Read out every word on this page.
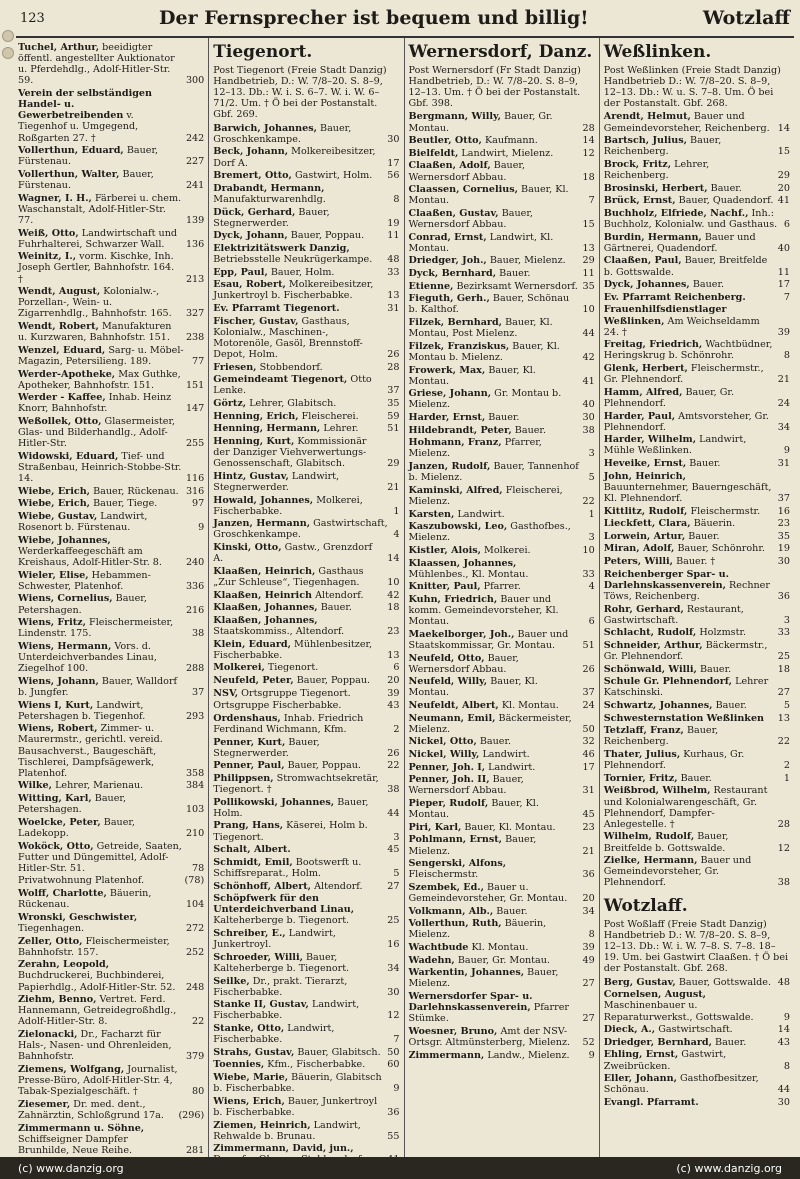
123	Der Fernsprecher ist bequem und billig!	Wotzlaff
Tuchel, Arthur, beeidigter öffentl. angestellter Auktionator u. Pferdehdlg., Adolf-Hitler-Str. 59.	300
Verein der selbständigen Handel- u. Gewerbetreibenden v. Tiegenhof u. Umgegend, Roßgarten 27. †	242
Vollerthun, Eduard, Bauer, Fürstenau.	227
Vollerthun, Walter, Bauer, Fürstenau.	241
Wagner, I. H., Färberei u. chem. Waschanstalt, Adolf-Hitler-Str. 77.	139
Weiß, Otto, Landwirtschaft und Fuhrhalterei, Schwarzer Wall.	136
Weinitz, I., vorm. Kischke, Inh. Joseph Gertler, Bahnhofstr. 164. †	213
Wendt, August, Kolonialw.-, Porzellan-, Wein- u. Zigarrenhdlg., Bahnhofstr. 165.	327
Wendt, Robert, Manufakturen u. Kurzwaren, Bahnhofstr. 151.	238
Wenzel, Eduard, Sarg- u. Möbel-Magazin, Petersilieng. 189.	77
Werder-Apotheke, Max Guthke, Apotheker, Bahnhofstr. 151.	151
Werder - Kaffee, Inhab. Heinz Knorr, Bahnhofstr.	147
Weßollek, Otto, Glasermeister, Glas- und Bilderhandlg., Adolf-Hitler-Str.	255
Widowski, Eduard, Tief- und Straßenbau, Heinrich-Stobbe-Str. 14.	116
Wiebe, Erich, Bauer, Rückenau. 316
Wiebe, Erich, Bauer, Tiege.	97
Wiebe, Gustav, Landwirt, Rosenort b. Fürstenau.	9
Wiebe, Johannes, Werderkaffeegeschäft am Kreishaus, Adolf-Hitler-Str. 8.	240
Wieler, Elise, Hebammen-Schwester, Platenhof.	336
Wiens, Cornelius, Bauer, Petershagen.	216
Wiens, Fritz, Fleischermeister, Lindenstr. 175.	38
Wiens, Hermann, Vors. d. Unterdeichverbandes Linau, Ziegelhof 100.	288
Wiens, Johann, Bauer, Walldorf b. Jungfer.	37
Wiens I, Kurt, Landwirt, Petershagen b. Tiegenhof.	293
Wiens, Robert, Zimmer- u. Maurermstr., gerichtl. vereid. Bausachverst., Baugeschäft, Tischlerei, Dampfsägewerk, Platenhof.	358
Wilke, Lehrer, Marienau.	384
Witting, Karl, Bauer, Petershagen.	103
Woelcke, Peter, Bauer, Ladekopp.	210
Woköck, Otto, Getreide, Saaten, Futter und Düngemittel, Adolf-Hitler-Str. 51.	78
Privatwohnung Platenhof.	(78)
Wolff, Charlotte, Bäuerin, Rückenau.	104
Wronski, Geschwister, Tiegenhagen.	272
Zeller, Otto, Fleischermeister, Bahnhofstr. 157.	252
Zerahn, Leopold, Buchdruckerei, Buchbinderei, Papierhdlg., Adolf-Hitler-Str. 52.	248
Ziehm, Benno, Vertret. Ferd. Hannemann, Getreidegroßhdlg., Adolf-Hitler-Str. 8.	22
Zielonacki, Dr., Facharzt für Hals-, Nasen- und Ohrenleiden, Bahnhofstr.	379
Ziemens, Wolfgang, Journalist, Presse-Büro, Adolf-Hitler-Str. 4, Tabak-Spezialgeschäft. †	80
Ziesemer, Dr. med. dent., Zahnärztin, Schloßgrund 17a.	(296)
Zimmermann u. Söhne, Schiffseigner Dampfer Brunhilde, Neue Reihe.	281
Tiegenort.
Post Tiegenort (Freie Stadt Danzig) Handbetrieb, D.: W. 7/8–20. S. 8–9, 12–13. Db.: W. i. S. 6–7. W. i. W. 6–71/2. Um. † Ö bei der Postanstalt. Gbf. 269.
Barwich, Johannes, Bauer, Groschkenkampe.	30
Beck, Johann, Molkereibesitzer, Dorf A.	17
Bremert, Otto, Gastwirt, Holm.	56
Drabandt, Hermann, Manufakturwarenhdlg.	8
Dück, Gerhard, Bauer, Stegnerwerder.	19
Dyck, Johann, Bauer, Poppau.	11
Elektrizitätswerk Danzig, Betriebsstelle Neukrügerkampe.	48
Epp, Paul, Bauer, Holm.	33
Esau, Robert, Molkereibesitzer, Junkertroyl b. Fischerbabke.	13
Ev. Pfarramt Tiegenort.	31
Fischer, Gustav, Gasthaus, Kolonialw., Maschinen-, Motorenöle, Gasöl, Brennstoff-Depot, Holm.	26
Friesen, Stobbendorf.	28
Gemeindeamt Tiegenort, Otto Lenke.	37
Görtz, Lehrer, Glabitsch.	35
Henning, Erich, Fleischerei.	59
Henning, Hermann, Lehrer.	51
Henning, Kurt, Kommissionär der Danziger Viehverwertungs-Genossenschaft, Glabitsch.	29
Hintz, Gustav, Landwirt, Stegnerwerder.	21
Howald, Johannes, Molkerei, Fischerbabke.	1
Janzen, Hermann, Gastwirtschaft, Groschkenkampe.	4
Kinski, Otto, Gastw., Grenzdorf A.	14
Klaaßen, Heinrich, Gasthaus „Zur Schleuse“, Tiegenhagen.	10
Klaaßen, Heinrich Altendorf.	42
Klaaßen, Johannes, Bauer.	18
Klaaßen, Johannes, Staatskommiss., Altendorf.	23
Klein, Eduard, Mühlenbesitzer, Fischerbabke.	13
Molkerei, Tiegenort.	6
Neufeld, Peter, Bauer, Poppau.	20
NSV, Ortsgruppe Tiegenort.	39
Ortsgruppe Fischerbabke.	43
Ordenshaus, Inhab. Friedrich Ferdinand Wichmann, Kfm.	2
Penner, Kurt, Bauer, Stegnerwerder.	26
Penner, Paul, Bauer, Poppau.	22
Philippsen, Stromwachtsekretär, Tiegenort. †	38
Pollikowski, Johannes, Bauer, Holm.	44
Prang, Hans, Käserei, Holm b. Tiegenort.	3
Schalt, Albert.	45
Schmidt, Emil, Bootswerft u. Schiffsreparat., Holm.	5
Schönhoff, Albert, Altendorf.	27
Schöpfwerk für den Unterdeichverband Linau, Kalteherberge b. Tiegenort.	25
Schreiber, E., Landwirt, Junkertroyl.	16
Schroeder, Willi, Bauer, Kalteherberge b. Tiegenort.	34
Seilke, Dr., prakt. Tierarzt, Fischerbabke.	30
Stanke II, Gustav, Landwirt, Fischerbabke.	12
Stanke, Otto, Landwirt, Fischerbabke.	7
Strahs, Gustav, Bauer, Glabitsch. 50
Toennies, Kfm., Fischerbabke.	60
Wiebe, Marie, Bäuerin, Glabitsch b. Fischerbabke.	9
Wiens, Erich, Bauer, Junkertroyl b. Fischerbabke.	36
Ziemen, Heinrich, Landwirt, Rehwalde b. Brunau.	55
Zimmermann, David, jun.,
Wernersdorf, Danz.
Post Wernersdorf (Fr Stadt Danzig) Handbetrieb, D.: W. 7/8–20. S. 8–9, 12–13. Um. † Ö bei der Postanstalt. Gbf. 398.
Bergmann, Willy, Bauer, Gr. Montau.	28
Beutler, Otto, Kaufmann.	14
Bielfeldt, Landwirt, Mielenz.	12
Claaßen, Adolf, Bauer, Wernersdorf Abbau.	18
Claassen, Cornelius, Bauer, Kl. Montau.	7
Claaßen, Gustav, Bauer, Wernersdorf Abbau.	15
Conrad, Ernst, Landwirt, Kl. Montau.	13
Driedger, Joh., Bauer, Mielenz.	29
Dyck, Bernhard, Bauer.	11
Etienne, Bezirksamt Wernersdorf. 35
Fieguth, Gerh., Bauer, Schönau b. Kalthof.	10
Filzek, Bernhard, Bauer, Kl. Montau, Post Mielenz.	44
Filzek, Franziskus, Bauer, Kl. Montau b. Mielenz.	42
Frowerk, Max, Bauer, Kl. Montau.	41
Griese, Johann, Gr. Montau b. Mielenz.	40
Harder, Ernst, Bauer.	30
Hildebrandt, Peter, Bauer.	38
Hohmann, Franz, Pfarrer, Mielenz.	3
Janzen, Rudolf, Bauer, Tannenhof b. Mielenz.	5
Kaminski, Alfred, Fleischerei, Mielenz.	22
Karsten, Landwirt.	1
Kaszubowski, Leo, Gasthofbes., Mielenz.	3
Kistler, Alois, Molkerei.	10
Klaassen, Johannes, Mühlenbes., Kl. Montau.	33
Knitter, Paul, Pfarrer.	4
Kuhn, Friedrich, Bauer und komm. Gemeindevorsteher, Kl. Montau.	6
Maekelborger, Joh., Bauer und Staatskommissar, Gr. Montau.	51
Neufeld, Otto, Bauer, Wernersdorf Abbau.	26
Neufeld, Willy, Bauer, Kl. Montau.	37
Neufeldt, Albert, Kl. Montau.	24
Neumann, Emil, Bäckermeister, Mielenz.	50
Nickel, Otto, Bauer.	32
Nickel, Willy, Landwirt.	46
Penner, Joh. I, Landwirt.	17
Penner, Joh. II, Bauer, Wernersdorf Abbau.	31
Pieper, Rudolf, Bauer, Kl. Montau.	45
Piri, Karl, Bauer, Kl. Montau.	23
Pohlmann, Ernst, Bauer, Mielenz.	21
Sengerski, Alfons, Fleischermstr.	36
Szembek, Ed., Bauer u. Gemeindevorsteher, Gr. Montau.	20
Volkmann, Alb., Bauer.	34
Vollerthun, Ruth, Bäuerin, Mielenz.	8
Wachtbude Kl. Montau.	39
Wadehn, Bauer, Gr. Montau.	49
Warkentin, Johannes, Bauer, Mielenz.	27
Wernersdorfer Spar- u. Darlehnskassenverein, Pfarrer Stümke.	27
Woesner, Bruno, Amt der NSV-Ortsgr. Altmünsterberg, Mielenz.	52
Zimmermann, Landw., Mielenz.	9
Weßlinken.
Post Weßlinken (Freie Stadt Danzig) Handbetrieb D.: W. 7/8–20. S. 8–9, 12–13. Db.: W. u. S. 7–8. Um. Ö bei der Postanstalt. Gbf. 268.
Arendt, Helmut, Bauer und Gemeindevorsteher, Reichenberg. 14
Bartsch, Julius, Bauer, Reichenberg.	15
Brock, Fritz, Lehrer, Reichenberg.	29
Brosinski, Herbert, Bauer.	20
Brück, Ernst, Bauer, Quadendorf. 41
Buchholz, Elfriede, Nachf., Inh.: Buchholz, Kolonialw. und Gasthaus. 6
Burdin, Hermann, Bauer und Gärtnerei, Quadendorf.	40
Claaßen, Paul, Bauer, Breitfelde b. Gottswalde.	11
Dyck, Johannes, Bauer.	17
Ev. Pfarramt Reichenberg.	7
Frauenhilfsdienstlager Weßlinken, Am Weichseldamm 24. †	39
Freitag, Friedrich, Wachtbüdner, Heringskrug b. Schönrohr.	8
Glenk, Herbert, Fleischermstr., Gr. Plehnendorf.	21
Hamm, Alfred, Bauer, Gr. Plehnendorf.	24
Harder, Paul, Amtsvorsteher, Gr. Plehnendorf.	34
Harder, Wilhelm, Landwirt, Mühle Weßlinken.	9
Heveike, Ernst, Bauer.	31
John, Heinrich, Bauunternehmer, Bauerngeschäft, Kl. Plehnendorf.	37
Kittlitz, Rudolf, Fleischermstr.	16
Lieckfett, Clara, Bäuerin.	23
Lorwein, Artur, Bauer.	35
Miran, Adolf, Bauer, Schönrohr.	19
Peters, Willi, Bauer. †	30
Reichenberger Spar- u. Darlehnskassenverein, Rechner Töws, Reichenberg.	36
Rohr, Gerhard, Restaurant, Gastwirtschaft.	3
Schlacht, Rudolf, Holzmstr.	33
Schneider, Arthur, Bäckermstr., Gr. Plehnendorf.	25
Schönwald, Willi, Bauer.	18
Schule Gr. Plehnendorf, Lehrer Katschinski.	27
Schwartz, Johannes, Bauer.	5
Schwesternstation Weßlinken	13
Tetzlaff, Franz, Bauer, Reichenberg.	22
Thater, Julius, Kurhaus, Gr. Plehnendorf.	2
Tornier, Fritz, Bauer.	1
Weißbrod, Wilhelm, Restaurant und Kolonialwarengeschäft, Gr. Plehnendorf, Dampfer-Anlegestelle. †	28
Wilhelm, Rudolf, Bauer, Breitfelde b. Gottswalde.	12
Zielke, Hermann, Bauer und Gemeindevorsteher, Gr. Plehnendorf.	38
Wotzlaff.
Post Woßlaff (Freie Stadt Danzig) Handbetrieb D.: W. 7/8–20. S. 8–9, 12–13. Db.: W. i. W. 7–8. S. 7–8. 18–19. Um. bei Gastwirt Claaßen. † Ö bei der Postanstalt. Gbf. 268.
Berg, Gustav, Bauer, Gottswalde. 48
Cornelsen, August, Maschinenbauer u. Reparaturwerkst., Gottswalde.	9
Dieck, A., Gastwirtschaft.	14
Driedger, Bernhard, Bauer.	43
Ehling, Ernst, Gastwirt, Zweibrücken.	8
Eller, Johann, Gasthofbesitzer, Schönau.	44
Evangl. Pfarramt.	30
(c) www.danzig.org	(c) www.danzig.org
